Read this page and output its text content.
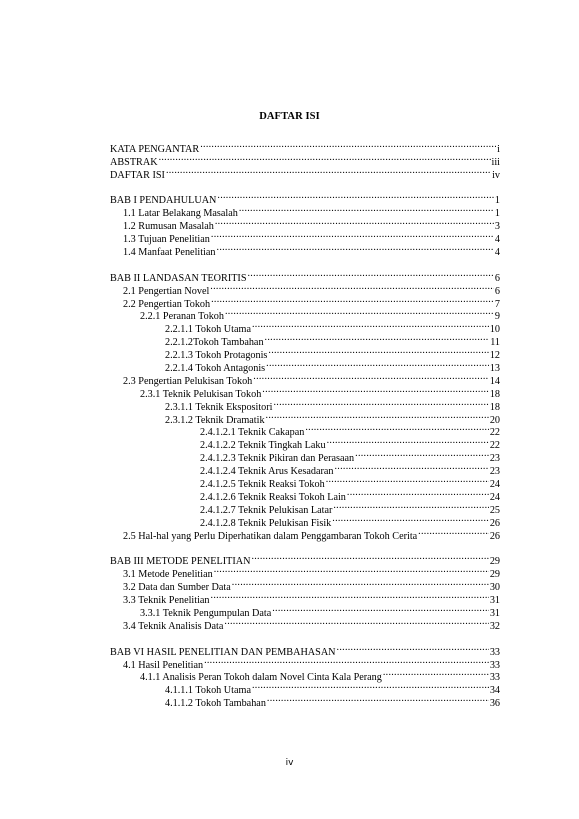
DAFTAR ISI
KATA PENGANTAR .....	i
ABSTRAK .....	iii
DAFTAR ISI .....	iv
BAB I PENDAHULUAN .....	1
1.1 Latar Belakang Masalah .....	1
1.2 Rumusan Masalah .....	3
1.3 Tujuan Penelitian .....	4
1.4 Manfaat Penelitian .....	4
BAB II LANDASAN TEORITIS .....	6
2.1 Pengertian Novel .....	6
2.2 Pengertian Tokoh .....	7
2.2.1 Peranan Tokoh .....	9
2.2.1.1 Tokoh Utama .....	10
2.2.1.2Tokoh Tambahan .....	11
2.2.1.3 Tokoh Protagonis .....	12
2.2.1.4 Tokoh Antagonis .....	13
2.3 Pengertian Pelukisan Tokoh .....	14
2.3.1 Teknik Pelukisan Tokoh .....	18
2.3.1.1 Teknik Ekspositori .....	18
2.3.1.2 Teknik Dramatik .....	20
2.4.1.2.1 Teknik Cakapan .....	22
2.4.1.2.2 Teknik Tingkah Laku .....	22
2.4.1.2.3 Teknik Pikiran dan Perasaan .....	23
2.4.1.2.4 Teknik Arus Kesadaran .....	23
2.4.1.2.5 Teknik Reaksi Tokoh .....	24
2.4.1.2.6 Teknik Reaksi Tokoh Lain .....	24
2.4.1.2.7 Teknik Pelukisan Latar .....	25
2.4.1.2.8 Teknik Pelukisan Fisik .....	26
2.5 Hal-hal yang Perlu Diperhatikan dalam Penggambaran Tokoh Cerita .....	26
BAB III METODE PENELITIAN .....	29
3.1 Metode Penelitian .....	29
3.2 Data dan Sumber Data .....	30
3.3 Teknik Penelitian .....	31
3.3.1 Teknik Pengumpulan Data .....	31
3.4 Teknik Analisis Data .....	32
BAB VI HASIL PENELITIAN DAN PEMBAHASAN .....	33
4.1 Hasil Penelitian .....	33
4.1.1 Analisis Peran Tokoh dalam Novel Cinta Kala Perang .....	33
4.1.1.1 Tokoh Utama .....	34
4.1.1.2 Tokoh Tambahan .....	36
iv
